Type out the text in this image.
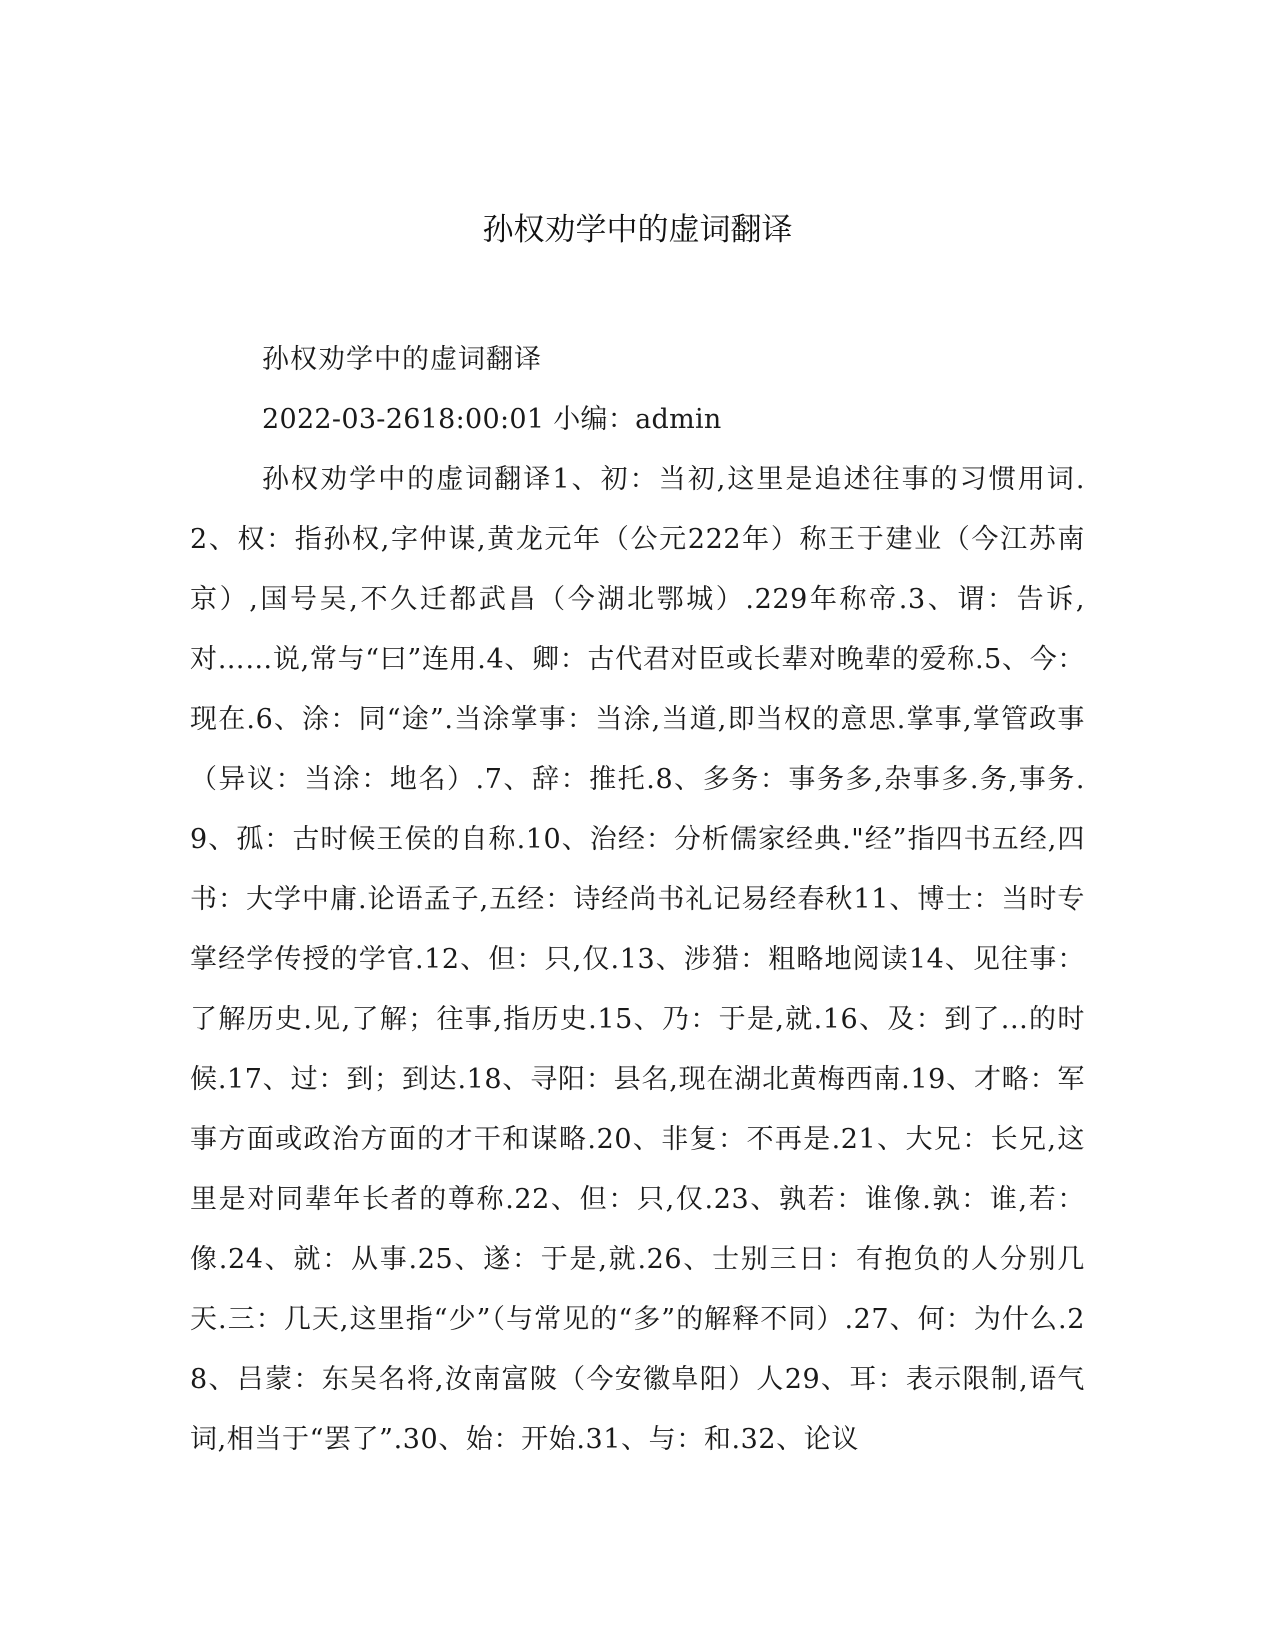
孙权劝学中的虚词翻译

孙权劝学中的虚词翻译

2022-03-2618:00:01 小编：admin

孙权劝学中的虚词翻译1、初：当初,这里是追述往事的习惯用词.2、权：指孙权,字仲谋,黄龙元年（公元222年）称王于建业（今江苏南京）,国号吴,不久迁都武昌（今湖北鄂城）.229年称帝.3、谓：告诉,对……说,常与“曰”连用.4、卿：古代君对臣或长辈对晚辈的爱称.5、今：现在.6、涂：同“途”.当涂掌事：当涂,当道,即当权的意思.掌事,掌管政事（异议：当涂：地名）.7、辞：推托.8、多务：事务多,杂事多.务,事务.9、孤：古时候王侯的自称.10、治经：分析儒家经典."经”指四书五经,四书：大学中庸.论语孟子,五经：诗经尚书礼记易经春秋11、博士：当时专掌经学传授的学官.12、但：只,仅.13、涉猎：粗略地阅读14、见往事：了解历史.见,了解；往事,指历史.15、乃：于是,就.16、及：到了...的时候.17、过：到；到达.18、寻阳：县名,现在湖北黄梅西南.19、才略：军事方面或政治方面的才干和谋略.20、非复：不再是.21、大兄：长兄,这里是对同辈年长者的尊称.22、但：只,仅.23、孰若：谁像.孰：谁,若：像.24、就：从事.25、遂：于是,就.26、士别三日：有抱负的人分别几天.三：几天,这里指“少”（与常见的“多”的解释不同）.27、何：为什么.28、吕蒙：东吴名将,汝南富陂（今安徽阜阳）人29、耳：表示限制,语气词,相当于“罢了”.30、始：开始.31、与：和.32、论议
